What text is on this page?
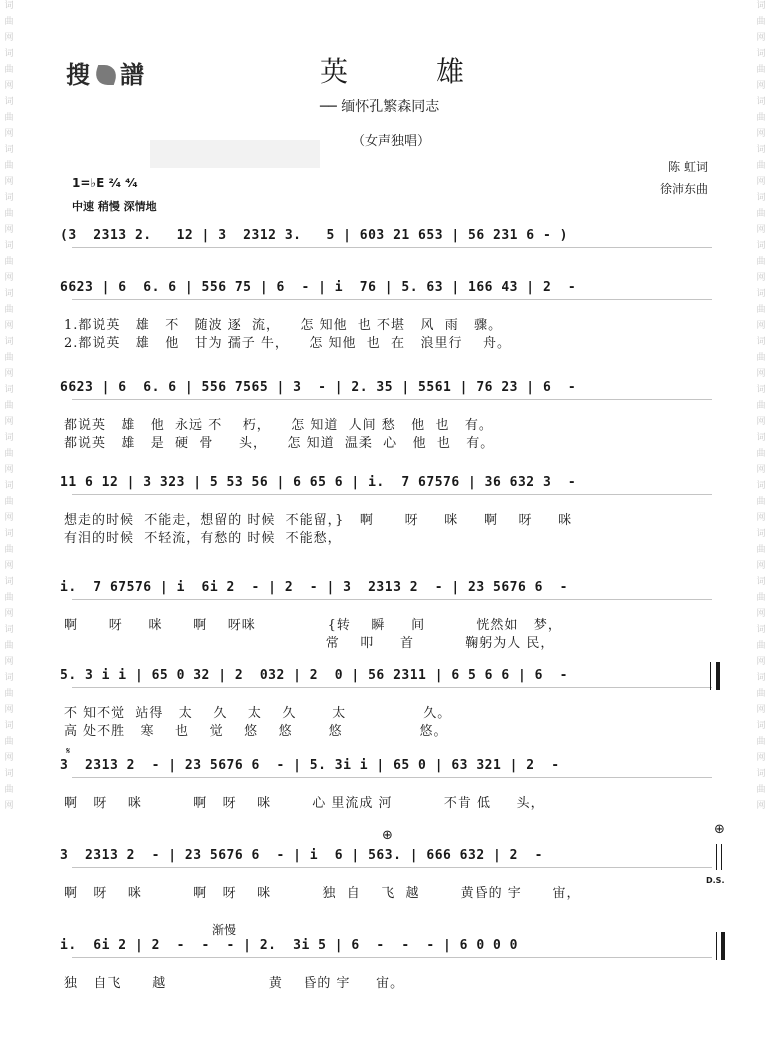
词
曲
网
词
曲
网
词
曲
网
词
曲
网
词
曲
网
词
曲
网
词
曲
网
词
曲
网
词
曲
网
词
曲
网
词
曲
网
词
曲
网
词
曲
网
词
曲
网
词
曲
网
词
曲
网
词
曲
网
词
曲
网
词
曲
网
词
曲
网
词
曲
网
词
曲
网
词
曲
网
词
曲
网
词
曲
网
词
曲
网
词
曲
网
词
曲
网
词
曲
网
词
曲
网
词
曲
网
词
曲
网
词
曲
网
词
曲
网
搜 譜	英雄
── 缅怀孔繁森同志
（女声独唱）
陈 虹词
徐沛东曲
1=♭E ²⁄₄ ⁴⁄₄
中速 稍慢 深情地
(3  2313 2.   12 | 3  2312 3.   5 | 603 21 653 | 56 231 6 - )
6623 | 6  6. 6 | 556 75 | 6  - | i  76 | 5. 63 | 166 43 | 2  -
1.都说英   雄   不   随波 逐  流，    怎 知他  也 不堪   风  雨   骤。
2.都说英   雄   他   甘为 孺子 牛，    怎 知他  也  在   浪里行    舟。
6623 | 6  6. 6 | 556 7565 | 3  - | 2. 35 | 5561 | 76 23 | 6  -
都说英   雄   他  永远 不    朽，    怎 知道  人间 愁   他  也   有。
都说英   雄   是  硬  骨     头，    怎 知道  温柔  心   他  也   有。
11 6 12 | 3 323 | 5 53 56 | 6 65 6 | i.  7 67576 | 36 632 3  -
想走的时候  不能走，想留的 时候  不能留，}   啊      呀     咪     啊    呀     咪
有泪的时候  不轻流，有愁的 时候  不能愁，
i.  7 67576 | i  6i 2  - | 2  - | 3  2313 2  - | 23 5676 6  -
啊      呀     咪      啊    呀咪              {转    瞬     间          恍然如   梦，
常    叩     首          鞠躬为人 民，
5. 3 i i | 65 0 32 | 2  032 | 2  0 | 56 2311 | 6 5 6 6 | 6  -
不 知不觉  站得   太    久    太    久       太               久。
高 处不胜   寒    也    觉    悠    悠       悠               悠。
3  2313 2  - | 23 5676 6  - | 5. 3i i | 65 0 | 63 321 | 2  -
啊   呀    咪          啊   呀    咪        心 里流成 河          不肯 低     头，
3  2313 2  - | 23 5676 6  - | i  6 | 563. | 666 632 | 2  -
啊   呀    咪          啊   呀    咪          独  自    飞  越        黄昏的 宇      宙，
i.  6i 2 | 2  -  -  - | 2.  3i 5 | 6  -  -  - | 6 0 0 0
独   自飞      越                    黄    昏的 宇     宙。
渐慢
D.S.
⊕	⊕
𝄋
